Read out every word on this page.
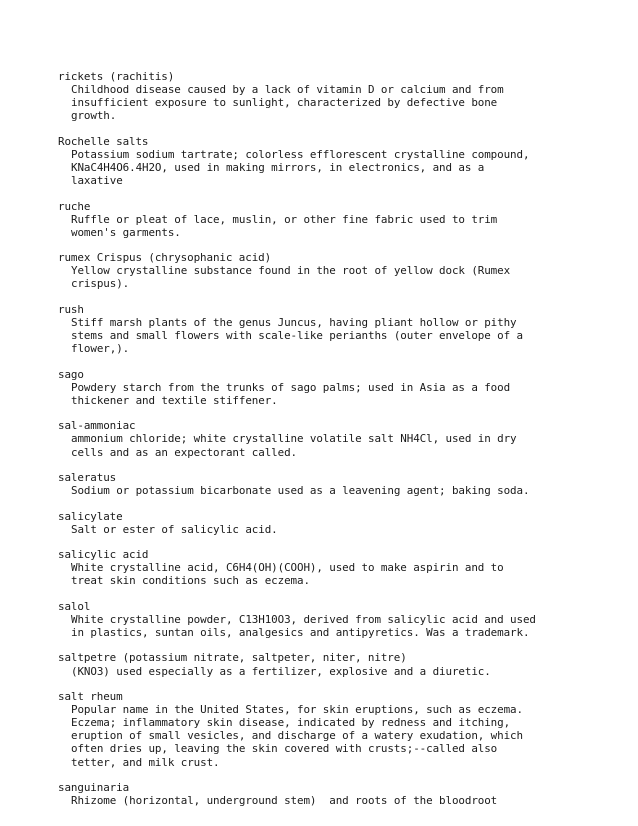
rickets (rachitis)
Childhood disease caused by a lack of vitamin D or calcium and from
insufficient exposure to sunlight, characterized by defective bone
growth.
Rochelle salts
Potassium sodium tartrate; colorless efflorescent crystalline compound,
KNaC4H4O6.4H2O, used in making mirrors, in electronics, and as a
laxative
ruche
Ruffle or pleat of lace, muslin, or other fine fabric used to trim
women's garments.
rumex Crispus (chrysophanic acid)
Yellow crystalline substance found in the root of yellow dock (Rumex
crispus).
rush
Stiff marsh plants of the genus Juncus, having pliant hollow or pithy
stems and small flowers with scale-like perianths (outer envelope of a
flower,).
sago
Powdery starch from the trunks of sago palms; used in Asia as a food
thickener and textile stiffener.
sal-ammoniac
ammonium chloride; white crystalline volatile salt NH4Cl, used in dry
cells and as an expectorant called.
saleratus
Sodium or potassium bicarbonate used as a leavening agent; baking soda.
salicylate
Salt or ester of salicylic acid.
salicylic acid
White crystalline acid, C6H4(OH)(COOH), used to make aspirin and to
treat skin conditions such as eczema.
salol
White crystalline powder, C13H10O3, derived from salicylic acid and used
in plastics, suntan oils, analgesics and antipyretics. Was a trademark.
saltpetre (potassium nitrate, saltpeter, niter, nitre)
(KNO3) used especially as a fertilizer, explosive and a diuretic.
salt rheum
Popular name in the United States, for skin eruptions, such as eczema.
Eczema; inflammatory skin disease, indicated by redness and itching,
eruption of small vesicles, and discharge of a watery exudation, which
often dries up, leaving the skin covered with crusts;--called also
tetter, and milk crust.
sanguinaria
Rhizome (horizontal, underground stem)  and roots of the bloodroot
